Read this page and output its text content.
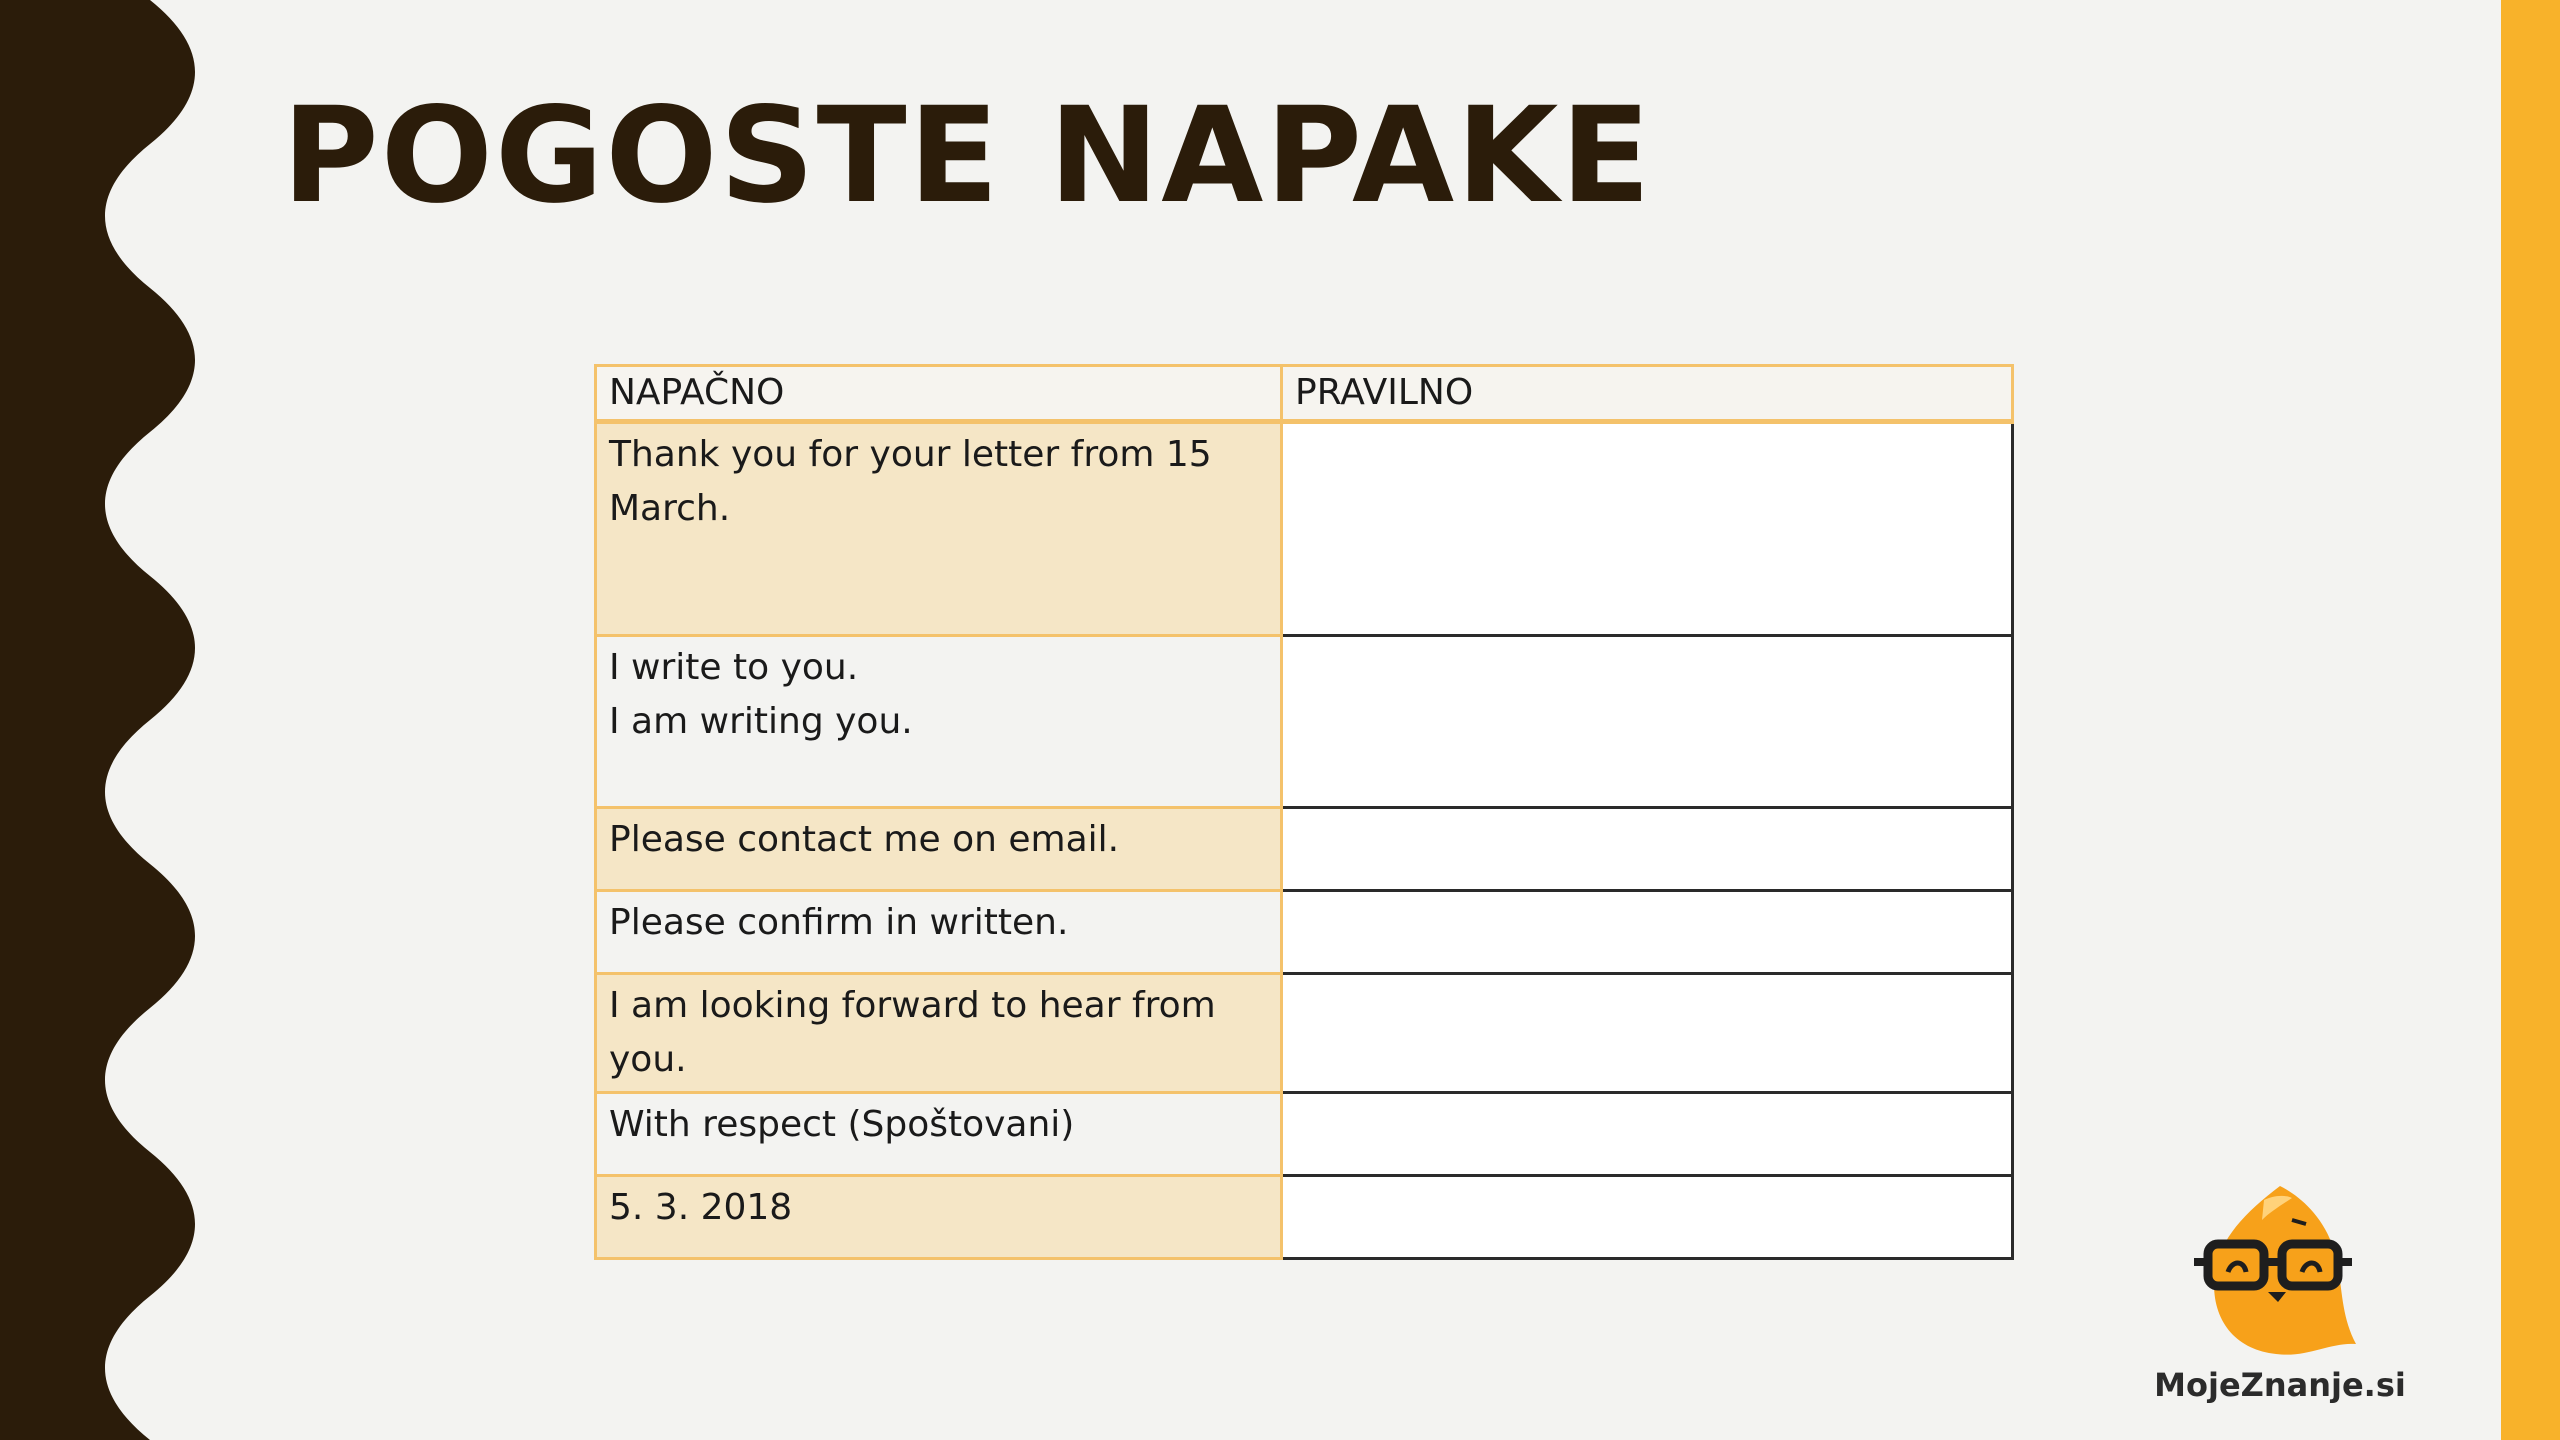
POGOSTE NAPAKE
NAPAČNO	PRAVILNO
Thank you for your letter from 15 March.	
I write to you.
I am writing you.	
Please contact me on email.	
Please confirm in written.	
I am looking forward to hear from you.	
With respect (Spoštovani)	
5. 3. 2018	
MojeZnanje.si
